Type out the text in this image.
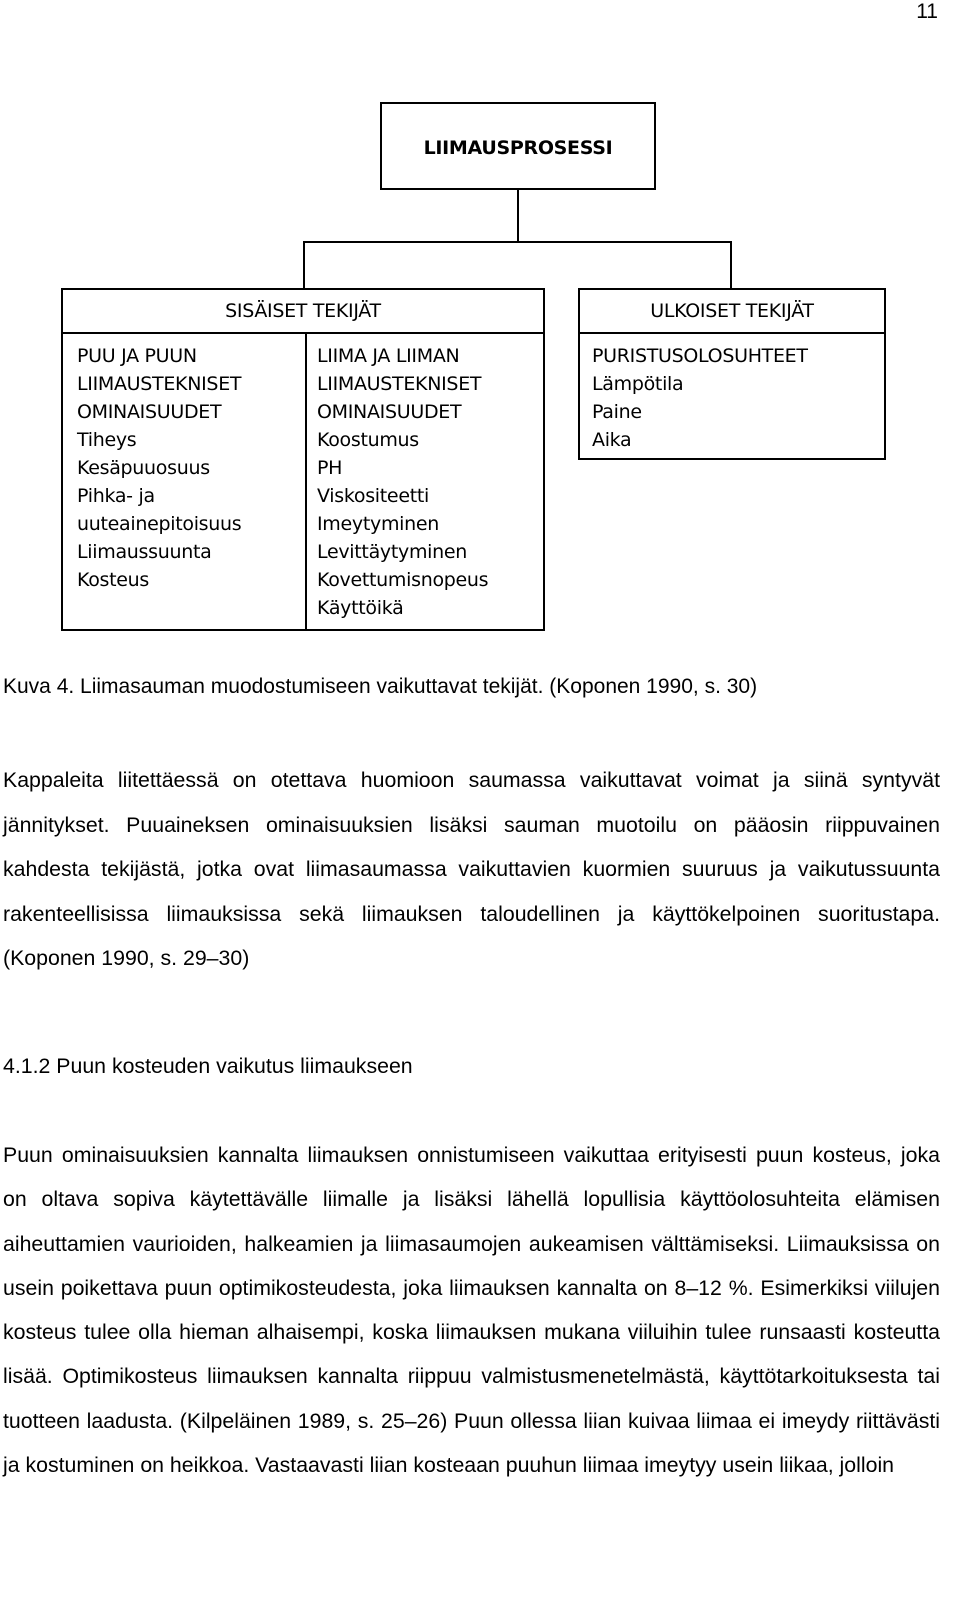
11
LIIMAUSPROSESSI
SISÄISET TEKIJÄT
PUU JA PUUN
LIIMAUSTEKNISET
OMINAISUUDET
Tiheys
Kesäpuuosuus
Pihka- ja
uuteainepitoisuus
Liimaussuunta
Kosteus
LIIMA JA LIIMAN
LIIMAUSTEKNISET
OMINAISUUDET
Koostumus
PH
Viskositeetti
Imeytyminen
Levittäytyminen
Kovettumisnopeus
Käyttöikä
ULKOISET TEKIJÄT
PURISTUSOLOSUHTEET
Lämpötila
Paine
Aika
Kuva 4. Liimasauman muodostumiseen vaikuttavat tekijät. (Koponen 1990, s. 30)

Kappaleita liitettäessä on otettava huomioon saumassa vaikuttavat voimat ja siinä syntyvät jännitykset. Puuaineksen ominaisuuksien lisäksi sauman muotoilu on pääosin riippuvainen kahdesta tekijästä, jotka ovat liimasaumassa vaikuttavien kuormien suuruus ja vaikutussuunta rakenteellisissa liimauksissa sekä liimauksen taloudellinen ja käyttökelpoinen suoritustapa. (Koponen 1990, s. 29–30)

4.1.2 Puun kosteuden vaikutus liimaukseen

Puun ominaisuuksien kannalta liimauksen onnistumiseen vaikuttaa erityisesti puun kosteus, joka on oltava sopiva käytettävälle liimalle ja lisäksi lähellä lopullisia käyttöolosuhteita elämisen aiheuttamien vaurioiden, halkeamien ja liimasaumojen aukeamisen välttämiseksi. Liimauksissa on usein poikettava puun optimikosteudesta, joka liimauksen kannalta on 8–12 %. Esimerkiksi viilujen kosteus tulee olla hieman alhaisempi, koska liimauksen mukana viiluihin tulee runsaasti kosteutta lisää. Optimikosteus liimauksen kannalta riippuu valmistusmenetelmästä, käyttötarkoituksesta tai tuotteen laadusta. (Kilpeläinen 1989, s. 25–26) Puun ollessa liian kuivaa liimaa ei imeydy riittävästi ja kostuminen on heikkoa. Vastaavasti liian kosteaan puuhun liimaa imeytyy usein liikaa, jolloin
